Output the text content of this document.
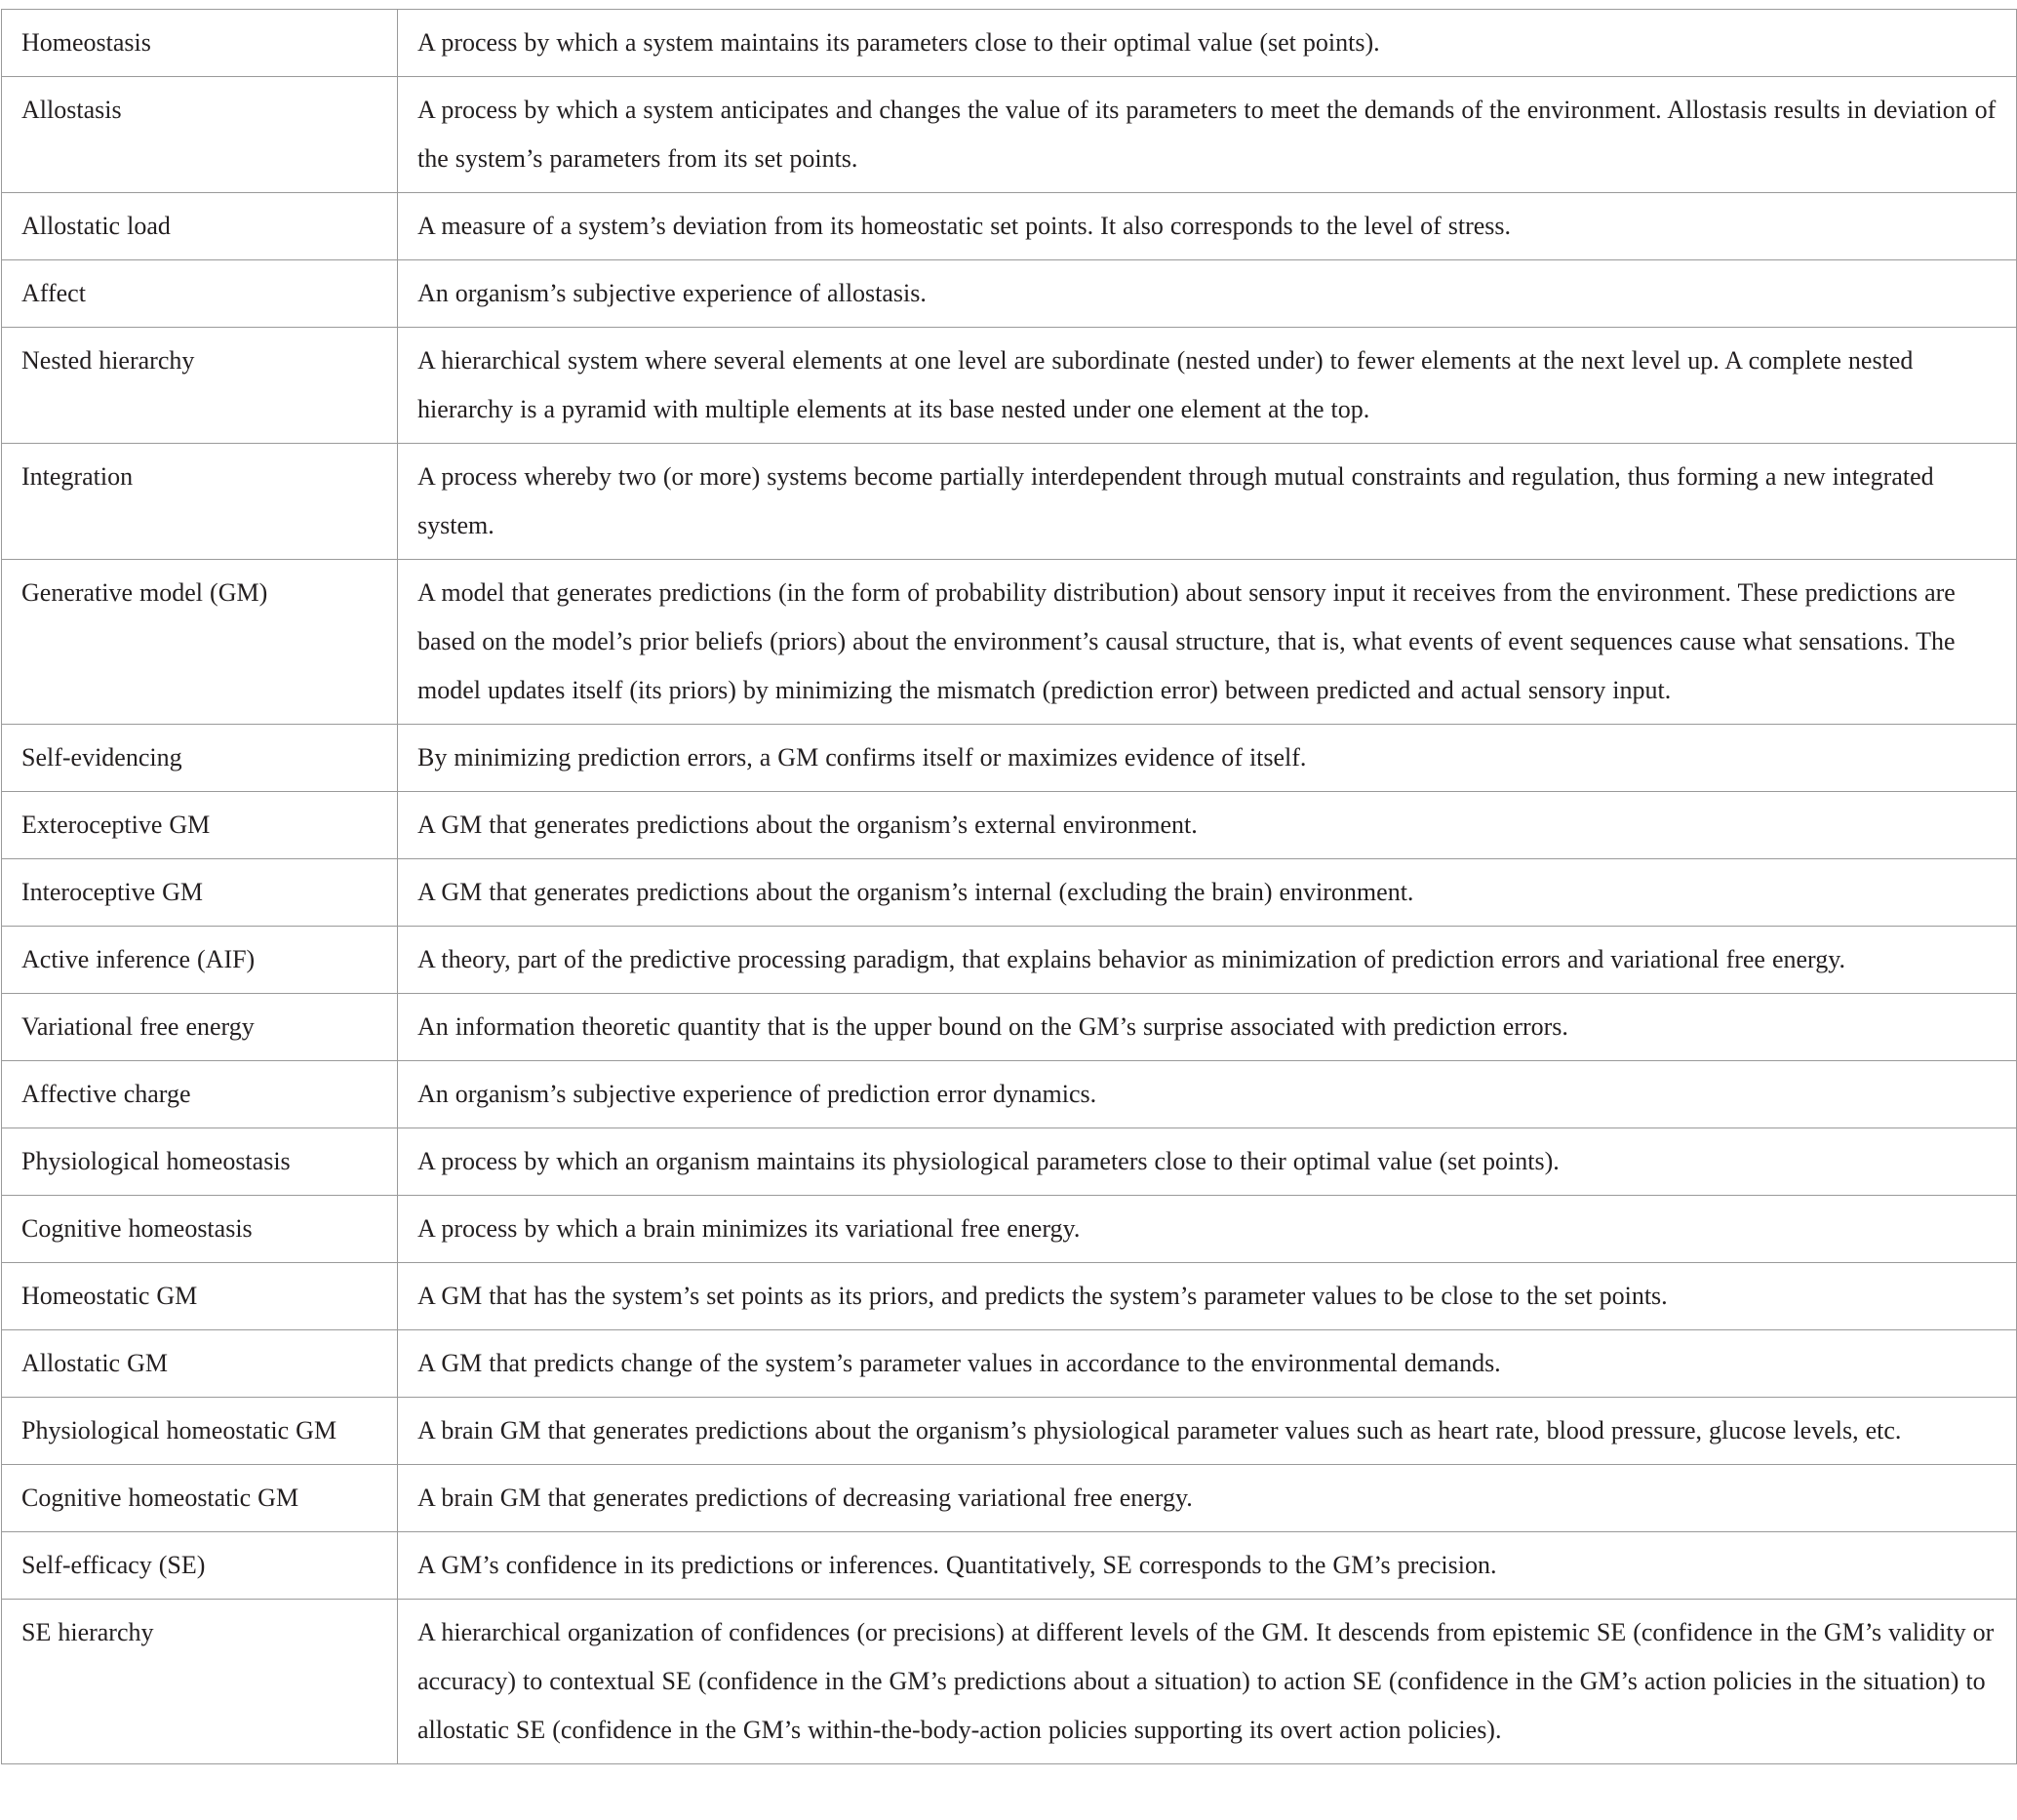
Homeostasis	A process by which a system maintains its parameters close to their optimal value (set points).
Allostasis	A process by which a system anticipates and changes the value of its parameters to meet the demands of the environment. Allostasis results in deviation of the system’s parameters from its set points.
Allostatic load	A measure of a system’s deviation from its homeostatic set points. It also corresponds to the level of stress.
Affect	An organism’s subjective experience of allostasis.
Nested hierarchy	A hierarchical system where several elements at one level are subordinate (nested under) to fewer elements at the next level up. A complete nested hierarchy is a pyramid with multiple elements at its base nested under one element at the top.
Integration	A process whereby two (or more) systems become partially interdependent through mutual constraints and regulation, thus forming a new integrated system.
Generative model (GM)	A model that generates predictions (in the form of probability distribution) about sensory input it receives from the environment. These predictions are based on the model’s prior beliefs (priors) about the environment’s causal structure, that is, what events of event sequences cause what sensations. The model updates itself (its priors) by minimizing the mismatch (prediction error) between predicted and actual sensory input.
Self-evidencing	By minimizing prediction errors, a GM confirms itself or maximizes evidence of itself.
Exteroceptive GM	A GM that generates predictions about the organism’s external environment.
Interoceptive GM	A GM that generates predictions about the organism’s internal (excluding the brain) environment.
Active inference (AIF)	A theory, part of the predictive processing paradigm, that explains behavior as minimization of prediction errors and variational free energy.
Variational free energy	An information theoretic quantity that is the upper bound on the GM’s surprise associated with prediction errors.
Affective charge	An organism’s subjective experience of prediction error dynamics.
Physiological homeostasis	A process by which an organism maintains its physiological parameters close to their optimal value (set points).
Cognitive homeostasis	A process by which a brain minimizes its variational free energy.
Homeostatic GM	A GM that has the system’s set points as its priors, and predicts the system’s parameter values to be close to the set points.
Allostatic GM	A GM that predicts change of the system’s parameter values in accordance to the environmental demands.
Physiological homeostatic GM	A brain GM that generates predictions about the organism’s physiological parameter values such as heart rate, blood pressure, glucose levels, etc.
Cognitive homeostatic GM	A brain GM that generates predictions of decreasing variational free energy.
Self-efficacy (SE)	A GM’s confidence in its predictions or inferences. Quantitatively, SE corresponds to the GM’s precision.
SE hierarchy	A hierarchical organization of confidences (or precisions) at different levels of the GM. It descends from epistemic SE (confidence in the GM’s validity or accuracy) to contextual SE (confidence in the GM’s predictions about a situation) to action SE (confidence in the GM’s action policies in the situation) to allostatic SE (confidence in the GM’s within-the-body-action policies supporting its overt action policies).
